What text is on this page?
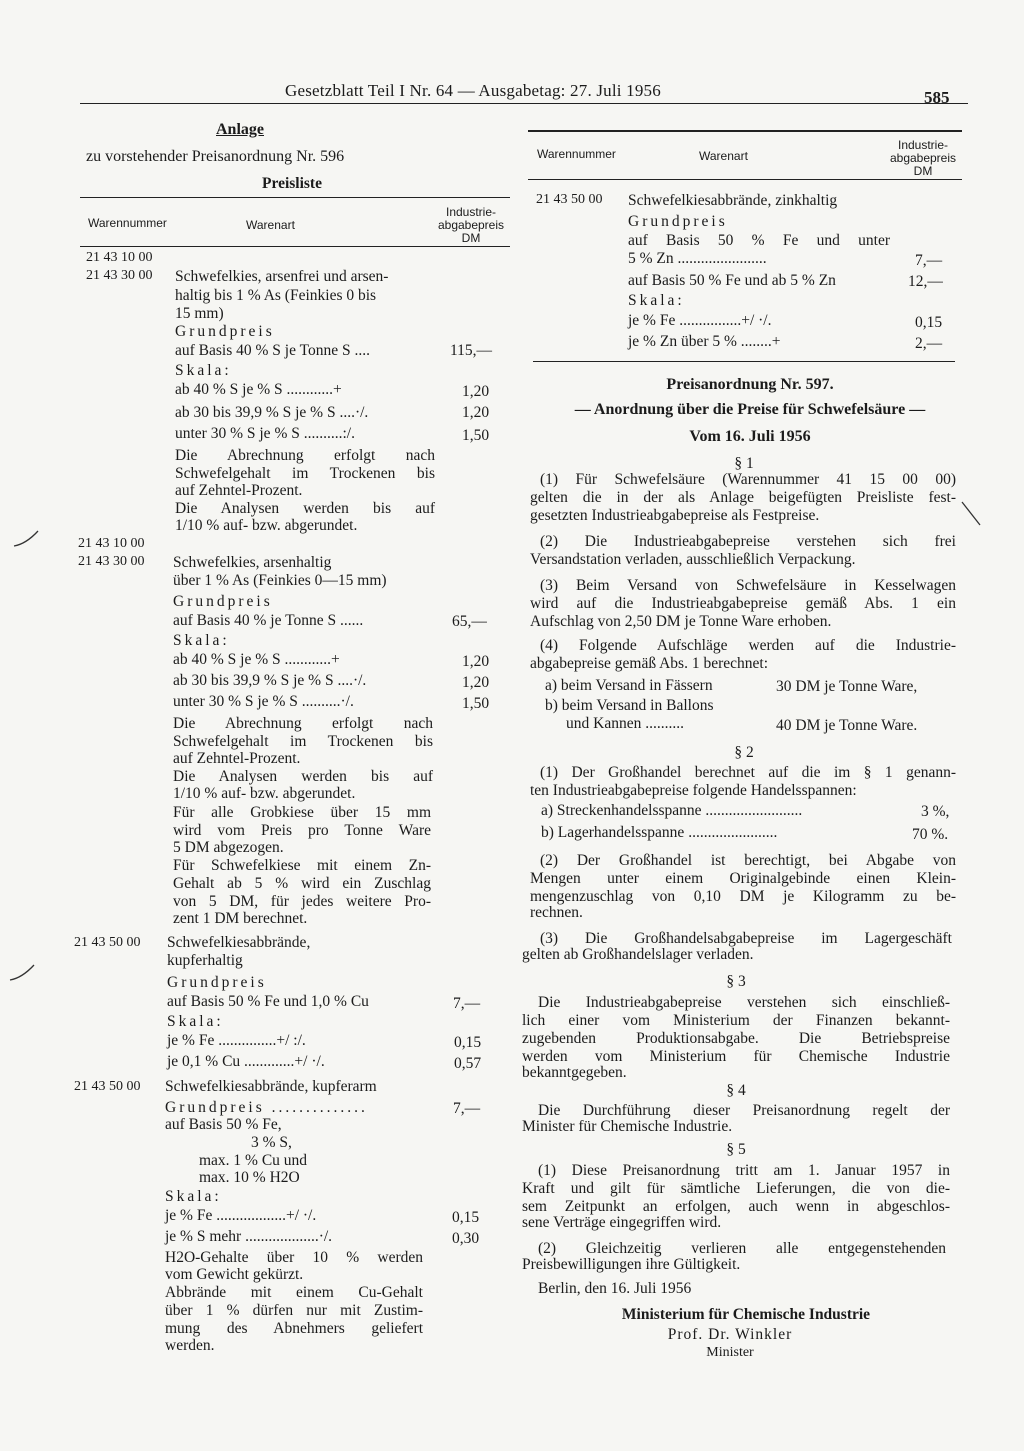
Gesetzblatt Teil I Nr. 64 — Ausgabetag: 27. Juli 1956	585
Anlage
zu vorstehender Preisanordnung Nr. 596
Preisliste
Warennummer	Warenart
Industrie-
abgabepreis
DM
21 43 10 00
21 43 30 00 Schwefelkies, arsenfrei und arsen-
haltig bis 1 % As (Feinkies 0 bis
15 mm)
Grundpreis
auf Basis 40 % S je Tonne S ....	115,—
Skala:
ab 40 % S je % S ............+	1,20
ab 30 bis 39,9 % S je % S ....·/.	1,20
unter 30 % S je % S ..........:/.	1,50
Die Abrechnung erfolgt nach
Schwefelgehalt im Trockenen bis
auf Zehntel-Prozent.
Die Analysen werden bis auf
1/10 % auf- bzw. abgerundet.
21 43 10 00
21 43 30 00 Schwefelkies, arsenhaltig
über 1 % As (Feinkies 0—15 mm)
Grundpreis
auf Basis 40 % je Tonne S ......	65,—
Skala:
ab 40 % S je % S ............+	1,20
ab 30 bis 39,9 % S je % S ....·/.	1,20
unter 30 % S je % S ..........·/.	1,50
Die Abrechnung erfolgt nach
Schwefelgehalt im Trockenen bis
auf Zehntel-Prozent.
Die Analysen werden bis auf
1/10 % auf- bzw. abgerundet.
Für alle Grobkiese über 15 mm
wird vom Preis pro Tonne Ware
5 DM abgezogen.
Für Schwefelkiese mit einem Zn-
Gehalt ab 5 % wird ein Zuschlag
von 5 DM, für jedes weitere Pro-
zent 1 DM berechnet.
21 43 50 00 Schwefelkiesabbrände,
kupferhaltig
Grundpreis
auf Basis 50 % Fe und 1,0 % Cu	7,—
Skala:
je % Fe ...............+/ :/.	0,15
je 0,1 % Cu .............+/ ·/.	0,57
21 43 50 00 Schwefelkiesabbrände, kupferarm
Grundpreis ..............	7,—
auf Basis 50 % Fe,
3 % S,
max. 1 % Cu und
max. 10 % H2O
Skala:
je % Fe ..................+/ ·/.	0,15
je % S mehr ...................·/.	0,30
H2O-Gehalte über 10 % werden
vom Gewicht gekürzt.
Abbrände mit einem Cu-Gehalt
über 1 % dürfen nur mit Zustim-
mung des Abnehmers geliefert
werden.
Warennummer	Warenart
Industrie-
abgabepreis
DM
21 43 50 00 Schwefelkiesabbrände, zinkhaltig
Grundpreis
auf Basis 50 % Fe und unter
5 % Zn .......................	7,—
auf Basis 50 % Fe und ab 5 % Zn	12,—
Skala:
je % Fe ................+/ ·/.	0,15
je % Zn über 5 % ........+	2,—
Preisanordnung Nr. 597.
— Anordnung über die Preise für Schwefelsäure —
Vom 16. Juli 1956
§ 1
(1) Für Schwefelsäure (Warennummer 41 15 00 00)
gelten die in der als Anlage beigefügten Preisliste fest-
gesetzten Industrieabgabepreise als Festpreise.
(2) Die Industrieabgabepreise verstehen sich frei
Versandstation verladen, ausschließlich Verpackung.
(3) Beim Versand von Schwefelsäure in Kesselwagen
wird auf die Industrieabgabepreise gemäß Abs. 1 ein
Aufschlag von 2,50 DM je Tonne Ware erhoben.
(4) Folgende Aufschläge werden auf die Industrie-
abgabepreise gemäß Abs. 1 berechnet:
a) beim Versand in Fässern	30 DM je Tonne Ware,
b) beim Versand in Ballons
und Kannen ..........	40 DM je Tonne Ware.
§ 2
(1) Der Großhandel berechnet auf die im § 1 genann-
ten Industrieabgabepreise folgende Handelsspannen:
a) Streckenhandelsspanne .........................	3 %,
b) Lagerhandelsspanne .......................	70 %.
(2) Der Großhandel ist berechtigt, bei Abgabe von
Mengen unter einem Originalgebinde einen Klein-
mengenzuschlag von 0,10 DM je Kilogramm zu be-
rechnen.
(3) Die Großhandelsabgabepreise im Lagergeschäft
gelten ab Großhandelslager verladen.
§ 3
Die Industrieabgabepreise verstehen sich einschließ-
lich einer vom Ministerium der Finanzen bekannt-
zugebenden Produktionsabgabe. Die Betriebspreise
werden vom Ministerium für Chemische Industrie
bekanntgegeben.
§ 4
Die Durchführung dieser Preisanordnung regelt der
Minister für Chemische Industrie.
§ 5
(1) Diese Preisanordnung tritt am 1. Januar 1957 in
Kraft und gilt für sämtliche Lieferungen, die von die-
sem Zeitpunkt an erfolgen, auch wenn in abgeschlos-
sene Verträge eingegriffen wird.
(2) Gleichzeitig verlieren alle entgegenstehenden
Preisbewilligungen ihre Gültigkeit.
Berlin, den 16. Juli 1956
Ministerium für Chemische Industrie
Prof. Dr. Winkler
Minister
